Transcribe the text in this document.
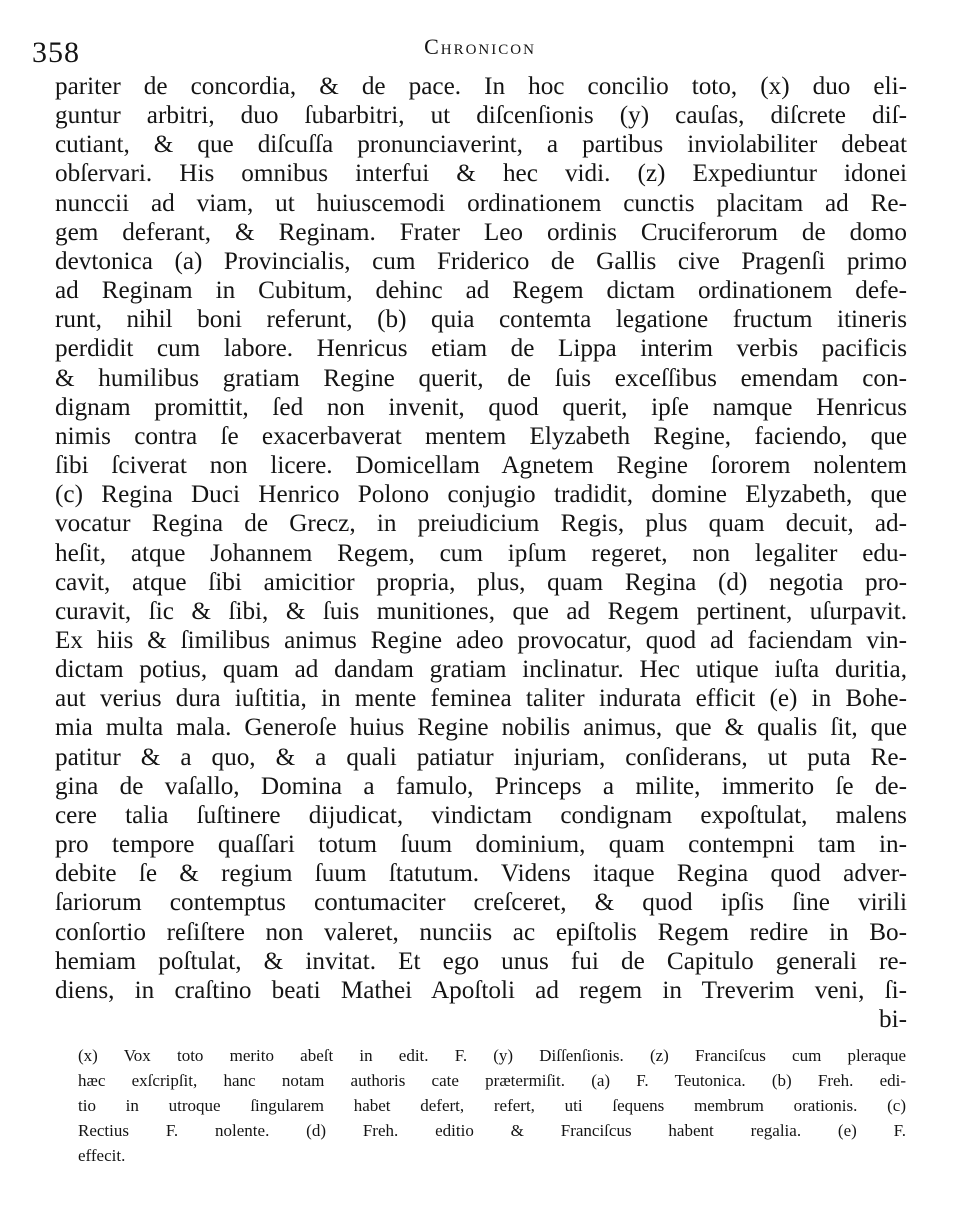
358	Chronicon
pariter de concordia, & de pace. In hoc concilio toto, (x) duo eli-
guntur arbitri, duo ſubarbitri, ut diſcenſionis (y) cauſas, diſcrete diſ-
cutiant, & que diſcuſſa pronunciaverint, a partibus inviolabiliter debeat
obſervari. His omnibus interfui & hec vidi. (z) Expediuntur idonei
nunccii ad viam, ut huiuscemodi ordinationem cunctis placitam ad Re-
gem deferant, & Reginam. Frater Leo ordinis Cruciferorum de domo
devtonica (a) Provincialis, cum Friderico de Gallis cive Pragenſi primo
ad Reginam in Cubitum, dehinc ad Regem dictam ordinationem defe-
runt, nihil boni referunt, (b) quia contemta legatione fructum itineris
perdidit cum labore. Henricus etiam de Lippa interim verbis pacificis
& humilibus gratiam Regine querit, de ſuis exceſſibus emendam con-
dignam promittit, ſed non invenit, quod querit, ipſe namque Henricus
nimis contra ſe exacerbaverat mentem Elyzabeth Regine, faciendo, que
ſibi ſciverat non licere. Domicellam Agnetem Regine ſororem nolentem
(c) Regina Duci Henrico Polono conjugio tradidit, domine Elyzabeth, que
vocatur Regina de Grecz, in preiudicium Regis, plus quam decuit, ad-
heſit, atque Johannem Regem, cum ipſum regeret, non legaliter edu-
cavit, atque ſibi amicitior propria, plus, quam Regina (d) negotia pro-
curavit, ſic & ſibi, & ſuis munitiones, que ad Regem pertinent, uſurpavit.
Ex hiis & ſimilibus animus Regine adeo provocatur, quod ad faciendam vin-
dictam potius, quam ad dandam gratiam inclinatur. Hec utique iuſta duritia,
aut verius dura iuſtitia, in mente feminea taliter indurata efficit (e) in Bohe-
mia multa mala. Generoſe huius Regine nobilis animus, que & qualis ſit, que
patitur & a quo, & a quali patiatur injuriam, conſiderans, ut puta Re-
gina de vaſallo, Domina a famulo, Princeps a milite, immerito ſe de-
cere talia ſuſtinere dijudicat, vindictam condignam expoſtulat, malens
pro tempore quaſſari totum ſuum dominium, quam contempni tam in-
debite ſe & regium ſuum ſtatutum. Videns itaque Regina quod adver-
ſariorum contemptus contumaciter creſceret, & quod ipſis ſine virili
conſortio reſiſtere non valeret, nunciis ac epiſtolis Regem redire in Bo-
hemiam poſtulat, & invitat. Et ego unus fui de Capitulo generali re-
diens, in craſtino beati Mathei Apoſtoli ad regem in Treverim veni, ſi-
bi-
(x) Vox toto merito abeſt in edit. F. (y) Diſſenſionis. (z) Franciſcus cum pleraque
hæc exſcripſit, hanc notam authoris cate prætermiſit. (a) F. Teutonica. (b) Freh. edi-
tio in utroque ſingularem habet defert, refert, uti ſequens membrum orationis. (c)
Rectius F. nolente. (d) Freh. editio & Franciſcus habent regalia. (e) F.
effecit.
